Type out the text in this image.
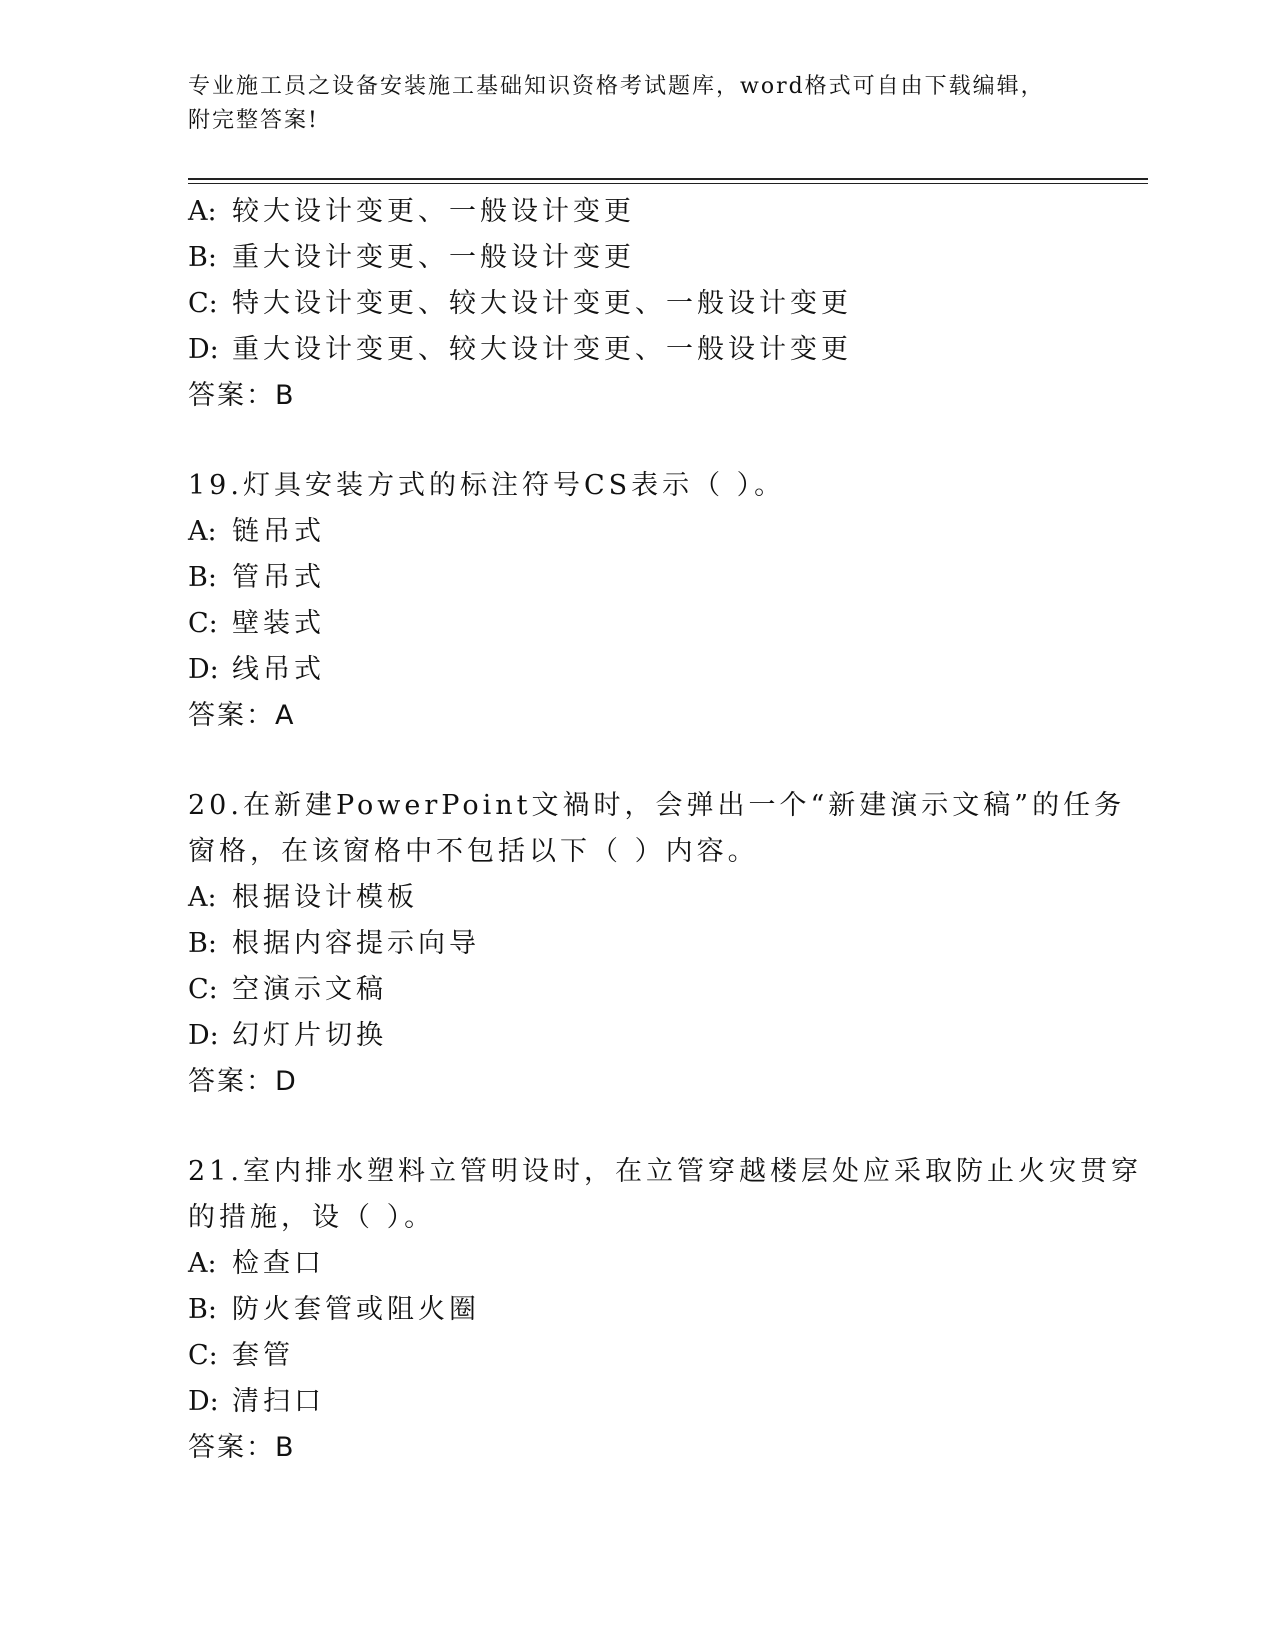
专业施工员之设备安装施工基础知识资格考试题库，word格式可自由下载编辑，
附完整答案!
A: 较大设计变更、一般设计变更
B: 重大设计变更、一般设计变更
C: 特大设计变更、较大设计变更、一般设计变更
D: 重大设计变更、较大设计变更、一般设计变更
答案：B
19.灯具安装方式的标注符号CS表示（ ）。
A: 链吊式
B: 管吊式
C: 壁装式
D: 线吊式
答案：A
20.在新建PowerPoint文禍时，会弹出一个“新建演示文稿”的任务
窗格，在该窗格中不包括以下（ ）内容。
A: 根据设计模板
B: 根据内容提示向导
C: 空演示文稿
D: 幻灯片切换
答案：D
21.室内排水塑料立管明设时，在立管穿越楼层处应采取防止火灾贯穿
的措施，设（ ）。
A: 检查口
B: 防火套管或阻火圈
C: 套管
D: 清扫口
答案：B
